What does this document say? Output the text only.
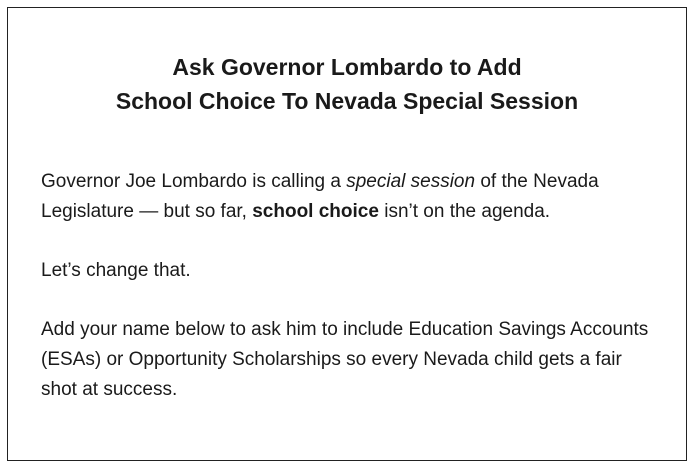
Ask Governor Lombardo to Add
School Choice To Nevada Special Session

Governor Joe Lombardo is calling a special session of the Nevada Legislature — but so far, school choice isn’t on the agenda.

Let’s change that.

Add your name below to ask him to include Education Savings Accounts (ESAs) or Opportunity Scholarships so every Nevada child gets a fair shot at success.
